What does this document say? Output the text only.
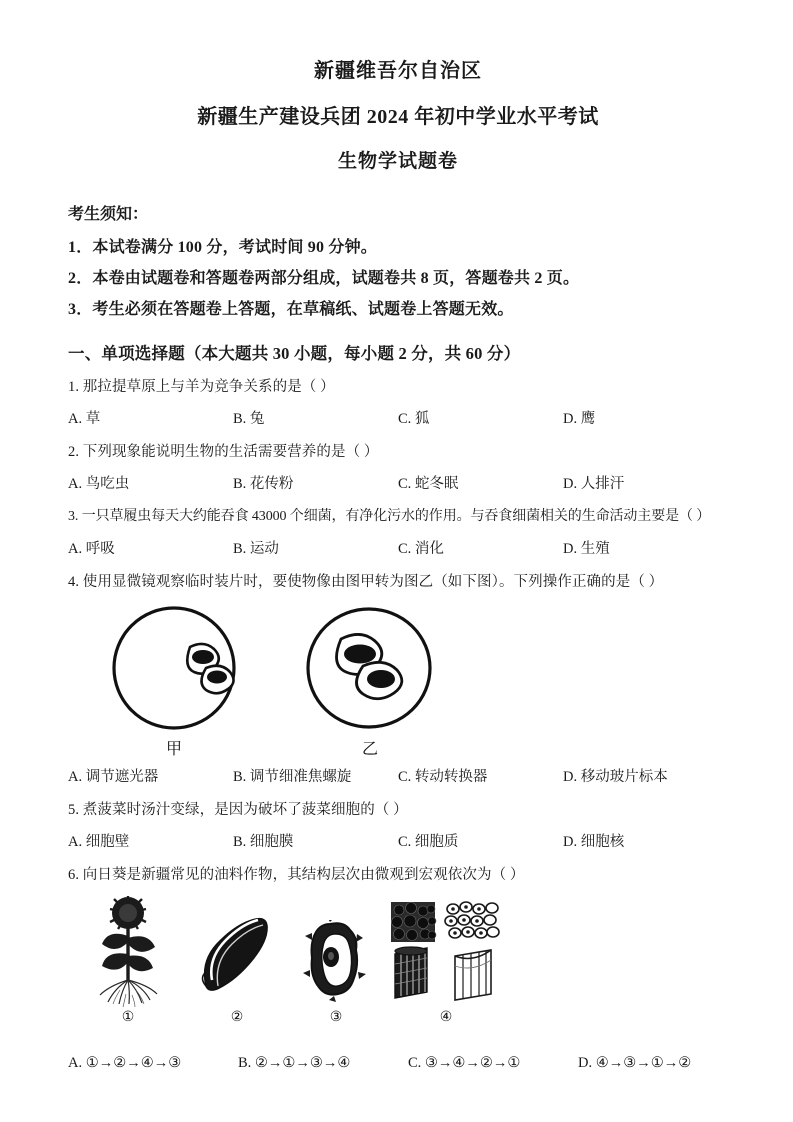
新疆维吾尔自治区
新疆生产建设兵团 2024 年初中学业水平考试
生物学试题卷
考生须知：
1．本试卷满分 100 分，考试时间 90 分钟。
2．本卷由试题卷和答题卷两部分组成，试题卷共 8 页，答题卷共 2 页。
3．考生必须在答题卷上答题，在草稿纸、试题卷上答题无效。
一、单项选择题（本大题共 30 小题，每小题 2 分，共 60 分）
1. 那拉提草原上与羊为竞争关系的是（ ）
A. 草	B. 兔	C. 狐	D. 鹰
2. 下列现象能说明生物的生活需要营养的是（ ）
A. 鸟吃虫	B. 花传粉	C. 蛇冬眠	D. 人排汗
3. 一只草履虫每天大约能吞食 43000 个细菌，有净化污水的作用。与吞食细菌相关的生命活动主要是（ ）
A. 呼吸	B. 运动	C. 消化	D. 生殖
4. 使用显微镜观察临时装片时，要使物像由图甲转为图乙（如下图）。下列操作正确的是（ ）
甲	乙
A. 调节遮光器	B. 调节细准焦螺旋	C. 转动转换器	D. 移动玻片标本
5. 煮菠菜时汤汁变绿，是因为破坏了菠菜细胞的（ ）
A. 细胞壁	B. 细胞膜	C. 细胞质	D. 细胞核
6. 向日葵是新疆常见的油料作物，其结构层次由微观到宏观依次为（ ）
①	②	③	④
A. ①→②→④→③	B. ②→①→③→④	C. ③→④→②→①	D. ④→③→①→②
